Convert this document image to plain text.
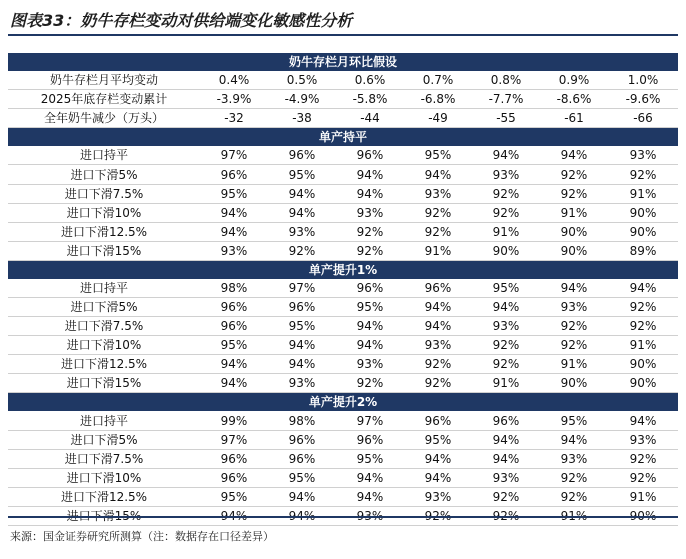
图表33：奶牛存栏变动对供给端变化敏感性分析
奶牛存栏月环比假设							
奶牛存栏月平均变动	0.4%	0.5%	0.6%	0.7%	0.8%	0.9%	1.0%
2025年底存栏变动累计	-3.9%	-4.9%	-5.8%	-6.8%	-7.7%	-8.6%	-9.6%
全年奶牛减少（万头）	-32	-38	-44	-49	-55	-61	-66
单产持平							
进口持平	97%	96%	96%	95%	94%	94%	93%
进口下滑5%	96%	95%	94%	94%	93%	92%	92%
进口下滑7.5%	95%	94%	94%	93%	92%	92%	91%
进口下滑10%	94%	94%	93%	92%	92%	91%	90%
进口下滑12.5%	94%	93%	92%	92%	91%	90%	90%
进口下滑15%	93%	92%	92%	91%	90%	90%	89%
单产提升1%							
进口持平	98%	97%	96%	96%	95%	94%	94%
进口下滑5%	96%	96%	95%	94%	94%	93%	92%
进口下滑7.5%	96%	95%	94%	94%	93%	92%	92%
进口下滑10%	95%	94%	94%	93%	92%	92%	91%
进口下滑12.5%	94%	94%	93%	92%	92%	91%	90%
进口下滑15%	94%	93%	92%	92%	91%	90%	90%
单产提升2%							
进口持平	99%	98%	97%	96%	96%	95%	94%
进口下滑5%	97%	96%	96%	95%	94%	94%	93%
进口下滑7.5%	96%	96%	95%	94%	94%	93%	92%
进口下滑10%	96%	95%	94%	94%	93%	92%	92%
进口下滑12.5%	95%	94%	94%	93%	92%	92%	91%
进口下滑15%	94%	94%	93%	92%	92%	91%	90%
来源：国金证券研究所测算（注：数据存在口径差异）
